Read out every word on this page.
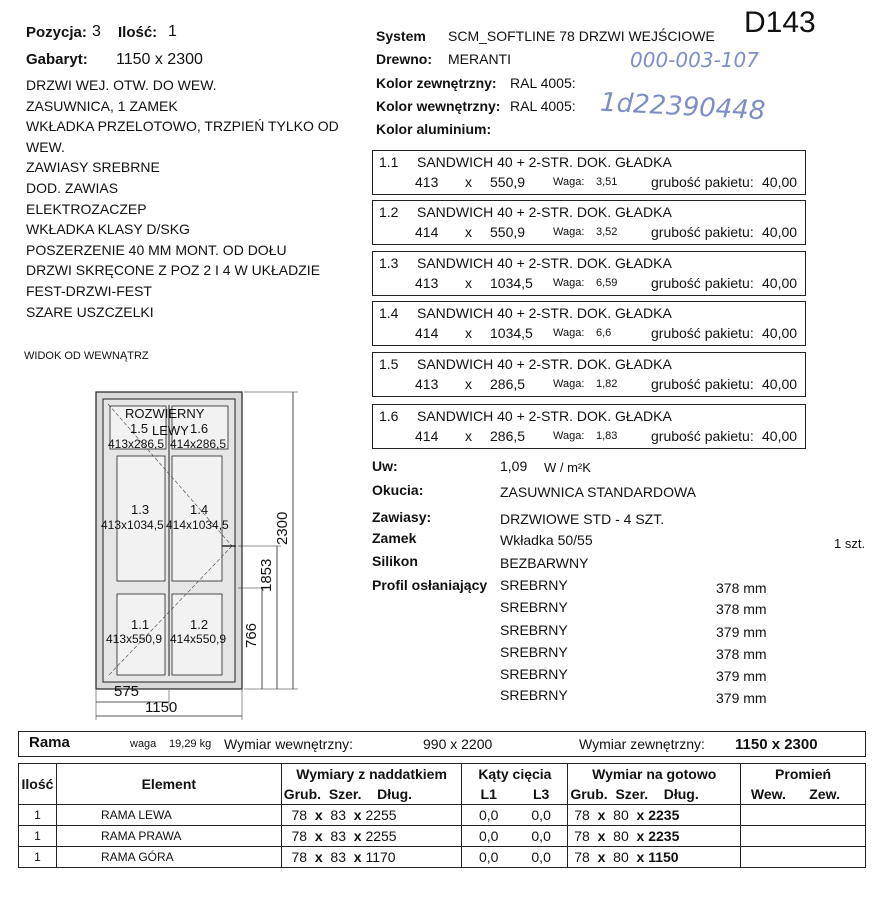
Pozycja: 3 Ilość: 1
Gabaryt: 1150 x 2300
DRZWI WEJ. OTW. DO WEW.
ZASUWNICA, 1 ZAMEK
WKŁADKA PRZELOTOWO, TRZPIEŃ TYLKO OD
WEW.
ZAWIASY SREBRNE
DOD. ZAWIAS
ELEKTROZACZEP
WKŁADKA KLASY D/SKG
POSZERZENIE 40 MM MONT. OD DOŁU
DRZWI SKRĘCONE Z POZ 2 I 4 W UKŁADZIE
FEST-DRZWI-FEST
SZARE USZCZELKI
System SCM_SOFTLINE 78 DRZWI WEJŚCIOWE D143
Drewno: MERANTI	000-003-107
Kolor zewnętrzny: RAL 4005:
Kolor wewnętrzny: RAL 4005: 1d22390448
Kolor aluminium:
1.1 SANDWICH 40 + 2-STR. DOK. GŁADKA
413 x 550,9	Waga: 3,51 grubość pakietu: 40,00
1.2 SANDWICH 40 + 2-STR. DOK. GŁADKA
414 x 550,9	Waga: 3,52 grubość pakietu: 40,00
1.3 SANDWICH 40 + 2-STR. DOK. GŁADKA
413 x 1034,5 Waga: 6,59 grubość pakietu: 40,00
1.4 SANDWICH 40 + 2-STR. DOK. GŁADKA
414 x 1034,5 Waga: 6,6	grubość pakietu: 40,00
1.5 SANDWICH 40 + 2-STR. DOK. GŁADKA
413 x 286,5	Waga: 1,82 grubość pakietu: 40,00
1.6 SANDWICH 40 + 2-STR. DOK. GŁADKA
414 x 286,5	Waga: 1,83 grubość pakietu: 40,00
Uw:	1,09 W / m²K
Okucia:	ZASUWNICA STANDARDOWA
Zawiasy:	DRZWIOWE STD - 4 SZT.
Zamek	Wkładka 50/55	1 szt.
Silikon	BEZBARWNY
Profil osłaniający SREBRNY	378 mm
SREBRNY	378 mm
SREBRNY	379 mm
SREBRNY	378 mm
SREBRNY	379 mm
SREBRNY	379 mm
WIDOK OD WEWNĄTRZ
ROZWIERNY
1.5 LEWY 1.6
413x286,5 414x286,5
1.3	1.4
413x1034,5 414x1034,5
1.1	1.2
413x550,9 414x550,9
2300
1853
766
575
1150
Rama	waga 19,29 kg Wymiar wewnętrzny:	990 x 2200	Wymiar zewnętrzny: 1150 x 2300
Ilość	Element	Wymiary z naddatkiem	Kąty cięcia		Wymiar na gotowo	Promień
		Grub. Szer. Dług.	L1	L3	Grub. Szer. Dług.	Wew. Zew.
1	RAMA LEWA	78 x 83 x 2255	0,0	0,0	78 x 80 x 2235	
1	RAMA PRAWA	78 x 83 x 2255	0,0	0,0	78 x 80 x 2235	
1	RAMA GÓRA	78 x 83 x 1170	0,0	0,0	78 x 80 x 1150	
